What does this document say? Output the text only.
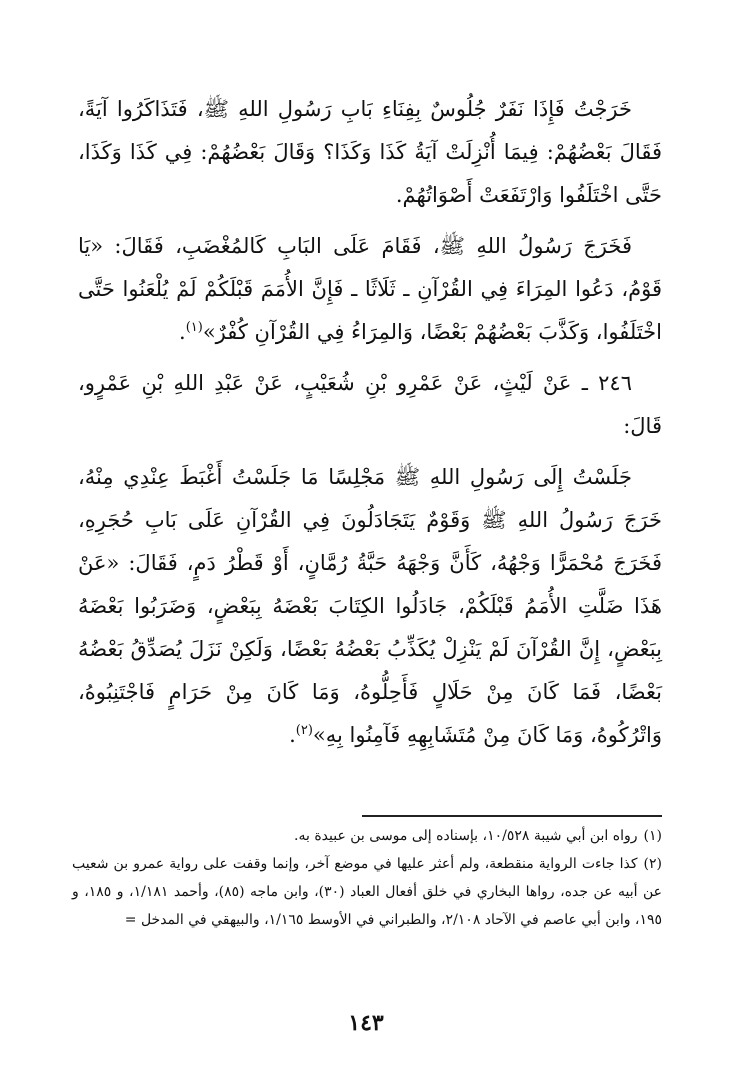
خَرَجْتُ فَإِذَا نَفَرٌ جُلُوسٌ بِفِنَاءِ بَابِ رَسُولِ اللهِ ﷺ، فَتَذَاكَرُوا آيَةً، فَقَالَ بَعْضُهُمْ: فِيمَا أُنْزِلَتْ آيَةُ كَذَا وَكَذَا؟ وَقَالَ بَعْضُهُمْ: فِي كَذَا وَكَذَا، حَتَّى اخْتَلَفُوا وَارْتَفَعَتْ أَصْوَاتُهُمْ.

فَخَرَجَ رَسُولُ اللهِ ﷺ، فَقَامَ عَلَى البَابِ كَالمُغْضَبِ، فَقَالَ: «يَا قَوْمُ، دَعُوا المِرَاءَ فِي القُرْآنِ ـ ثَلَاثًا ـ فَإِنَّ الأُمَمَ قَبْلَكُمْ لَمْ يُلْعَنُوا حَتَّى اخْتَلَفُوا، وَكَذَّبَ بَعْضُهُمْ بَعْضًا، وَالمِرَاءُ فِي القُرْآنِ كُفْرٌ»$^{(١)}$.

٢٤٦ ـ عَنْ لَيْثٍ، عَنْ عَمْرِو بْنِ شُعَيْبٍ، عَنْ عَبْدِ اللهِ بْنِ عَمْرٍو، قَالَ:

جَلَسْتُ إِلَى رَسُولِ اللهِ ﷺ مَجْلِسًا مَا جَلَسْتُ أَغْبَطَ عِنْدِي مِنْهُ، خَرَجَ رَسُولُ اللهِ ﷺ وَقَوْمٌ يَتَجَادَلُونَ فِي القُرْآنِ عَلَى بَابِ حُجَرِهِ، فَخَرَجَ مُحْمَرًّا وَجْهُهُ، كَأَنَّ وَجْهَهُ حَبَّةُ رُمَّانٍ، أَوْ قَطْرُ دَمٍ، فَقَالَ: «عَنْ هَذَا ضَلَّتِ الأُمَمُ قَبْلَكُمْ، جَادَلُوا الكِتَابَ بَعْضَهُ بِبَعْضٍ، وَضَرَبُوا بَعْضَهُ بِبَعْضٍ، إِنَّ القُرْآنَ لَمْ يَنْزِلْ يُكَذِّبُ بَعْضُهُ بَعْضًا، وَلَكِنْ نَزَلَ يُصَدِّقُ بَعْضُهُ بَعْضًا، فَمَا كَانَ مِنْ حَلَالٍ فَأَحِلُّوهُ، وَمَا كَانَ مِنْ حَرَامٍ فَاجْتَنِبُوهُ، وَاتْرُكُوهُ، وَمَا كَانَ مِنْ مُتَشَابِهِهِ فَآمِنُوا بِهِ»$^{(٢)}$.

(١)رواه ابن أبي شيبة ١٠/٥٢٨، بإسناده إلى موسى بن عبيدة به.

(٢)كذا جاءت الرواية منقطعة، ولم أعثر عليها في موضع آخر، وإنما وقفت على رواية عمرو بن شعيب عن أبيه عن جده، رواها البخاري في خلق أفعال العباد (٣٠)، وابن ماجه (٨٥)، وأحمد ١/١٨١، و ١٨٥، و ١٩٥، وابن أبي عاصم في الآحاد ٢/١٠٨، والطبراني في الأوسط ١/١٦٥، والبيهقي في المدخل =

١٤٣
